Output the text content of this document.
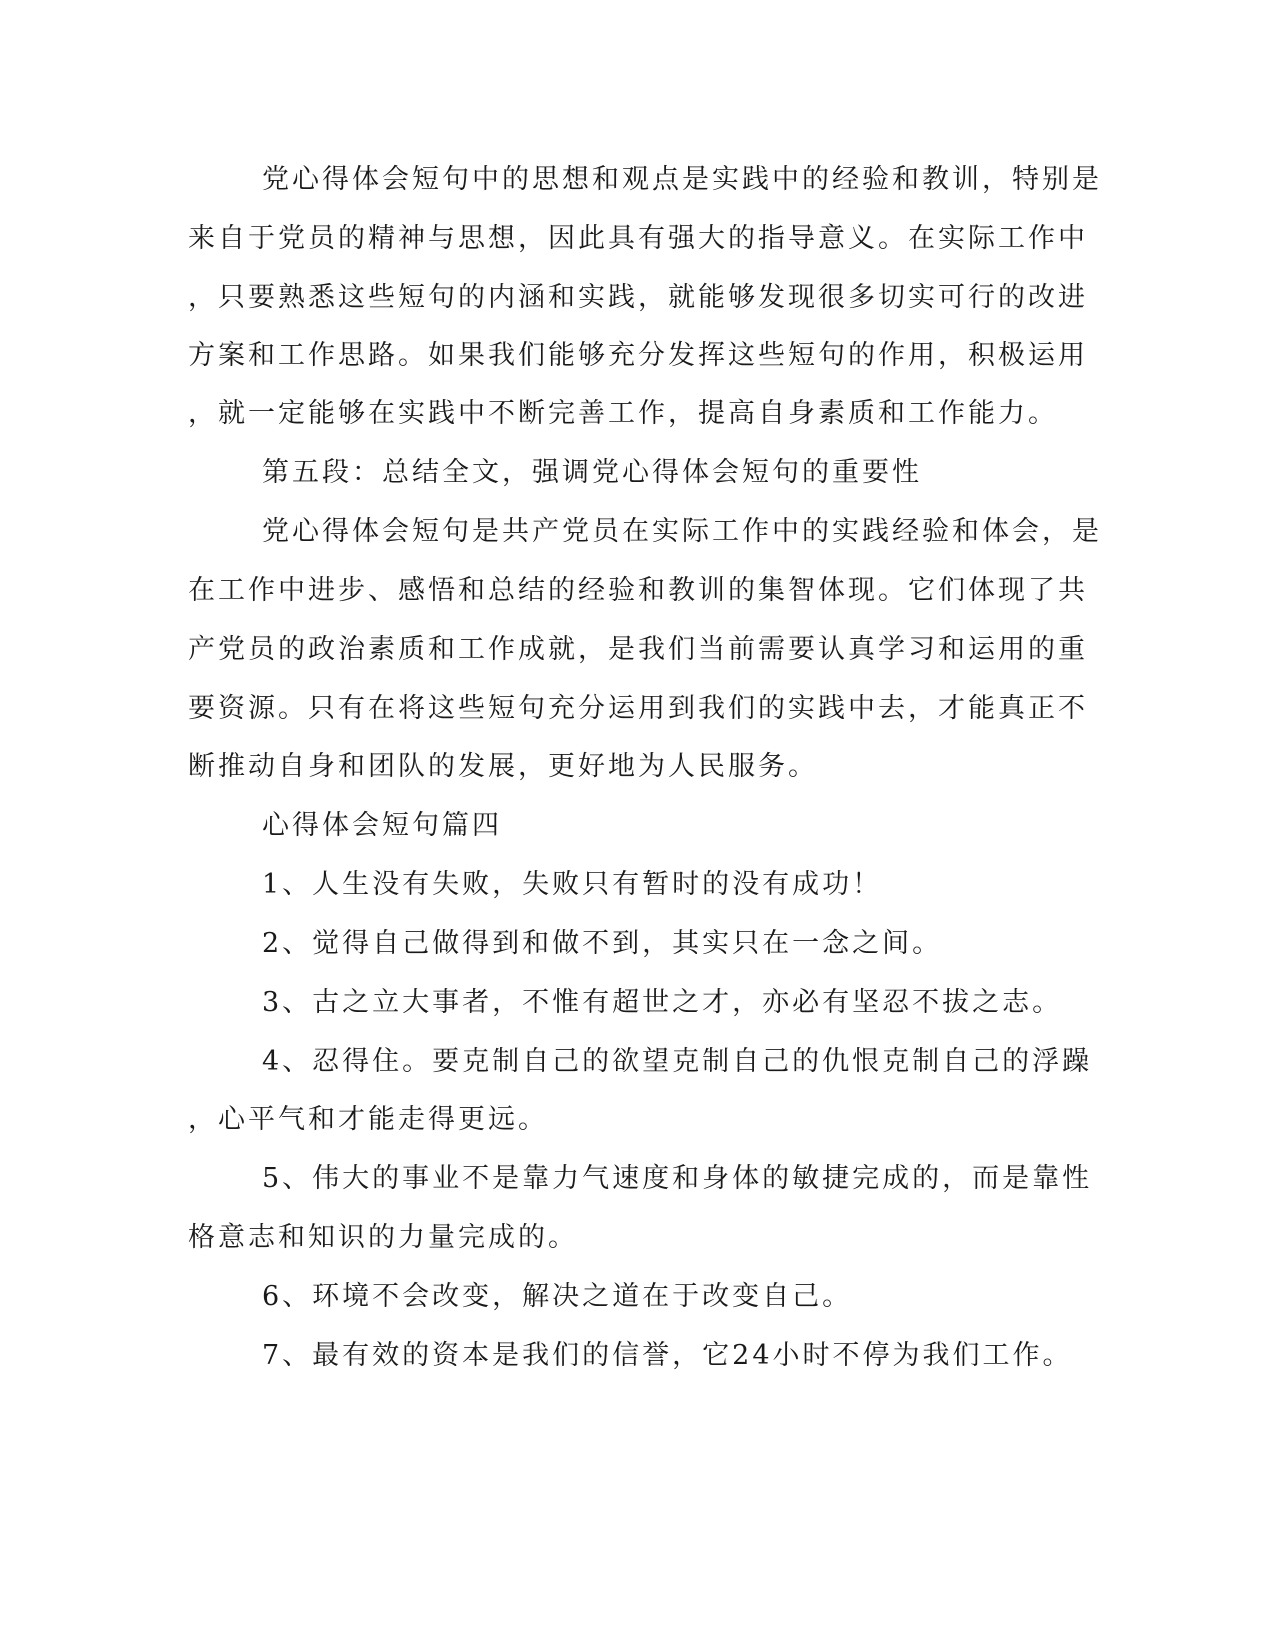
党心得体会短句中的思想和观点是实践中的经验和教训，特别是
来自于党员的精神与思想，因此具有强大的指导意义。在实际工作中
，只要熟悉这些短句的内涵和实践，就能够发现很多切实可行的改进
方案和工作思路。如果我们能够充分发挥这些短句的作用，积极运用
，就一定能够在实践中不断完善工作，提高自身素质和工作能力。
第五段：总结全文，强调党心得体会短句的重要性
党心得体会短句是共产党员在实际工作中的实践经验和体会，是
在工作中进步、感悟和总结的经验和教训的集智体现。它们体现了共
产党员的政治素质和工作成就，是我们当前需要认真学习和运用的重
要资源。只有在将这些短句充分运用到我们的实践中去，才能真正不
断推动自身和团队的发展，更好地为人民服务。
心得体会短句篇四
1、人生没有失败，失败只有暂时的没有成功！
2、觉得自己做得到和做不到，其实只在一念之间。
3、古之立大事者，不惟有超世之才，亦必有坚忍不拔之志。
4、忍得住。要克制自己的欲望克制自己的仇恨克制自己的浮躁
，心平气和才能走得更远。
5、伟大的事业不是靠力气速度和身体的敏捷完成的，而是靠性
格意志和知识的力量完成的。
6、环境不会改变，解决之道在于改变自己。
7、最有效的资本是我们的信誉，它24小时不停为我们工作。
